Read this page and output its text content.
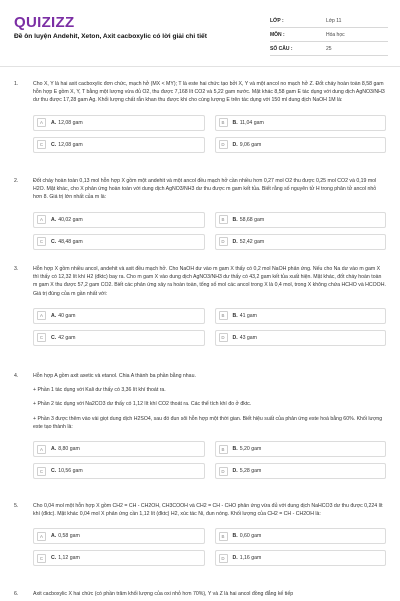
QUIZIZZ
Đề ôn luyện Andehit, Xeton, Axit cacboxylic có lời giải chi tiết
LỚP :	Lớp 11
MÔN :	Hóa học
SỐ CÂU :	25
1.	Cho X, Y là hai axit cacboxylic đơn chức, mạch hở (MX < MY); T là este hai chức tạo bởi X, Y và một ancol no mạch hở Z. Đốt cháy hoàn toàn 8,58 gam hỗn hợp E gồm X, Y, T bằng một lượng vừa đủ O2, thu được 7,168 lít CO2 và 5,22 gam nước. Mặt khác 8,58 gam E tác dụng với dung dịch AgNO3/NH3 dư thu được 17,28 gam Ag. Khối lượng chất rắn khan thu được khi cho cùng lượng E trên tác dụng với 150 ml dung dịch NaOH 1M là:

A	A. 12,08 gam	B	B. 11,04 gam
C	C. 12,08 gam	D	D. 9,06 gam
2.	Đốt cháy hoàn toàn 0,13 mol hỗn hợp X gồm một andehit và một ancol đều mạch hở cần nhiều hơn 0,27 mol O2 thu được 0,25 mol CO2 và 0,19 mol H2O. Mặt khác, cho X phản ứng hoàn toàn với dung dịch AgNO3/NH3 dư thu được m gam kết tủa. Biết rằng số nguyên tử H trong phân tử ancol nhỏ hơn 8. Giá trị lớn nhất của m là:

A	A. 40,02 gam	B	B. 58,68 gam
C	C. 48,48 gam	D	D. 52,42 gam
3.	Hỗn hợp X gồm nhiều ancol, andehit và axit đều mạch hở. Cho NaOH dư vào m gam X thấy có 0,2 mol NaOH phản ứng. Nếu cho Na dư vào m gam X thì thấy có 12,32 lít khí H2 (đktc) bay ra. Cho m gam X vào dung dịch AgNO3/NH3 dư thấy có 43,2 gam kết tủa xuất hiện. Mặt khác, đốt cháy hoàn toàn m gam X thu được 57,2 gam CO2. Biết các phản ứng xảy ra hoàn toàn, tổng số mol các ancol trong X là 0,4 mol, trong X không chứa HCHO và HCOOH. Giá trị đúng của m gần nhất với:

A	A. 40 gam	B	B. 41 gam
C	C. 42 gam	D	D. 43 gam
4.	Hỗn hợp A gồm axit axetic và etanol. Chia A thành ba phần bằng nhau.

+ Phần 1 tác dụng với Kali dư thấy có 3,36 lít khí thoát ra.

+ Phần 2 tác dụng với Na2CO3 dư thấy có 1,12 lít khí CO2 thoát ra. Các thể tích khí đo ở đktc.

+ Phần 3 được thêm vào vài giọt dung dịch H2SO4, sau đó đun sôi hỗn hợp một thời gian. Biết hiệu suất của phản ứng este hoá bằng 60%. Khối lượng este tạo thành là:

A	A. 8,80 gam	B	B. 5,20 gam
C	C. 10,56 gam	D	D. 5,28 gam
5.	Cho 0,04 mol một hỗn hợp X gồm CH2 = CH - CH2OH, CH3COOH và CH2 = CH - CHO phản ứng vừa đủ với dung dịch NaHCO3 dư thu được 0,224 lít khí (đktc). Mặt khác 0,04 mol X phản ứng cần 1,12 lít (đktc) H2, xúc tác Ni, đun nóng. Khối lượng của CH2 = CH - CH2OH là:

A	A. 0,58 gam	B	B. 0,60 gam
C	C. 1,12 gam	D	D. 1,16 gam
6.	Axit cacboxylic X hai chức (có phần trăm khối lượng của oxi nhỏ hơn 70%), Y và Z là hai ancol đồng đẳng kế tiếp
